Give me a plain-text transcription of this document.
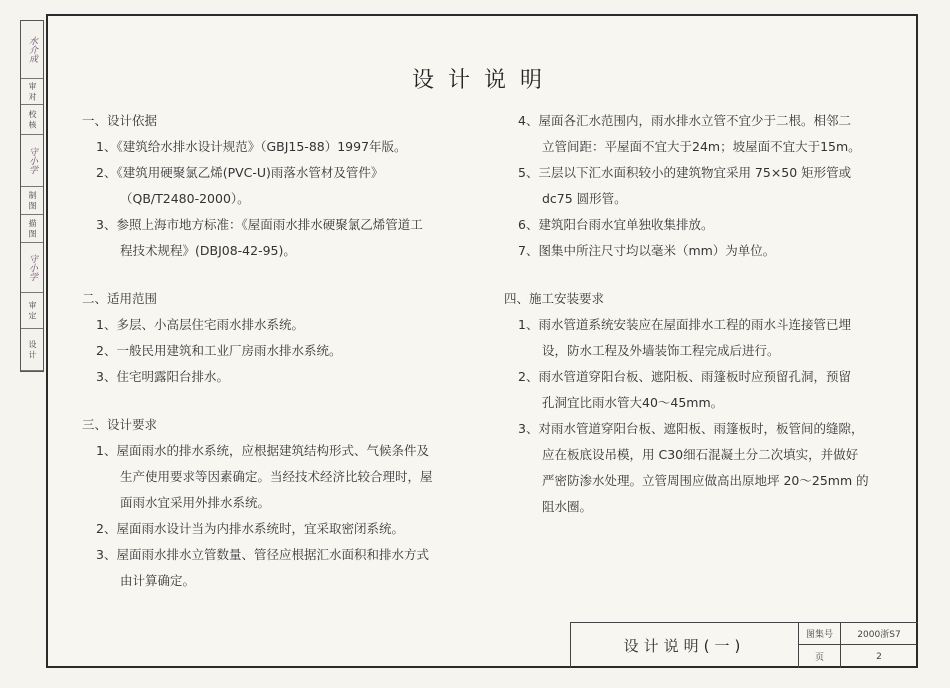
水介成
审 对
校 核
守小学
制 图
描 图
守小学
审 定
设 计
设计说明

一、设计依据

1、《建筑给水排水设计规范》（GBJ15-88）1997年版。

2、《建筑用硬聚氯乙烯(PVC-U)雨落水管材及管件》

（QB/T2480-2000）。

3、参照上海市地方标准：《屋面雨水排水硬聚氯乙烯管道工

程技术规程》(DBJ08-42-95)。

二、适用范围

1、多层、小高层住宅雨水排水系统。

2、一般民用建筑和工业厂房雨水排水系统。

3、住宅明露阳台排水。

三、设计要求

1、屋面雨水的排水系统，应根据建筑结构形式、气候条件及

生产使用要求等因素确定。当经技术经济比较合理时，屋

面雨水宜采用外排水系统。

2、屋面雨水设计当为内排水系统时，宜采取密闭系统。

3、屋面雨水排水立管数量、管径应根据汇水面积和排水方式

由计算确定。

4、屋面各汇水范围内，雨水排水立管不宜少于二根。相邻二

立管间距：平屋面不宜大于24m；坡屋面不宜大于15m。

5、三层以下汇水面积较小的建筑物宜采用 75×50 矩形管或

dc75 圆形管。

6、建筑阳台雨水宜单独收集排放。

7、图集中所注尺寸均以毫米（mm）为单位。

四、施工安装要求

1、雨水管道系统安装应在屋面排水工程的雨水斗连接管已埋

设，防水工程及外墙装饰工程完成后进行。

2、雨水管道穿阳台板、遮阳板、雨篷板时应预留孔洞，预留

孔洞宜比雨水管大40～45mm。

3、对雨水管道穿阳台板、遮阳板、雨篷板时，板管间的缝隙，

应在板底设吊模，用 C30细石混凝土分二次填实，并做好

严密防渗水处理。立管周围应做高出原地坪 20～25mm 的

阻水圈。

设计说明(一)
图集号	2000浙S7
页	2
